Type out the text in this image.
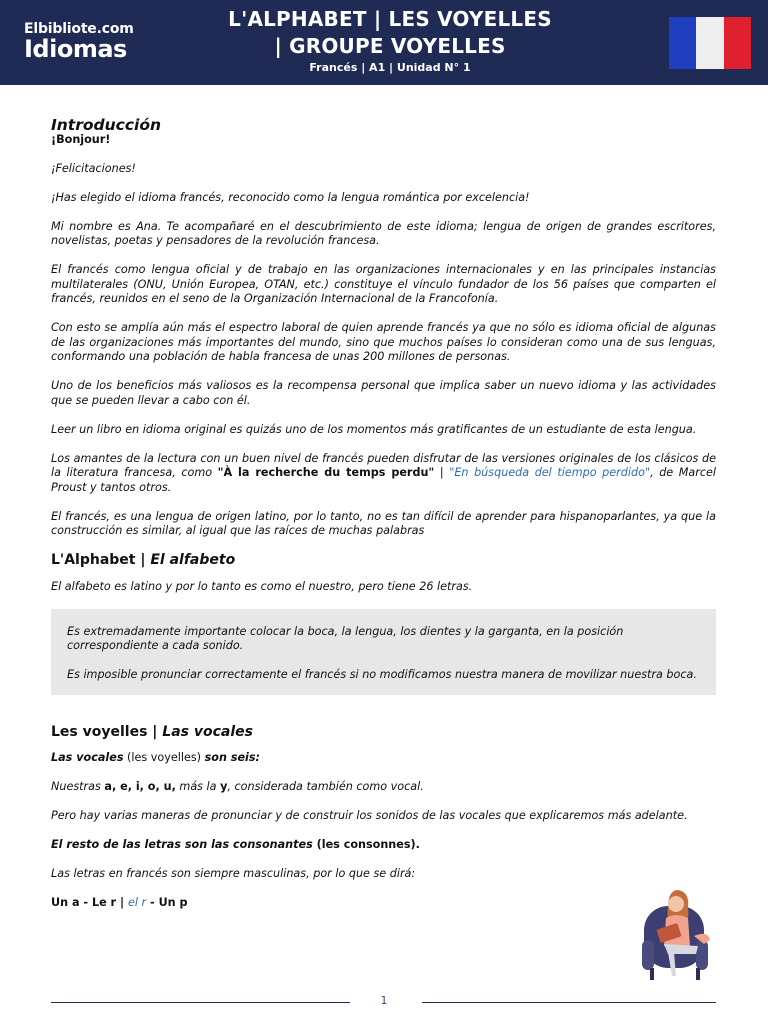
Elbibliote.com
Idiomas
L'ALPHABET | LES VOYELLES
| GROUPE VOYELLES
Francés | A1 | Unidad N° 1

Introducción

¡Bonjour!

¡Felicitaciones!

¡Has elegido el idioma francés, reconocido como la lengua romántica por excelencia!

Mi nombre es Ana. Te acompañaré en el descubrimiento de este idioma; lengua de origen de grandes escritores, novelistas, poetas y pensadores de la revolución francesa.

El francés como lengua oficial y de trabajo en las organizaciones internacionales y en las principales instancias multilaterales (ONU, Unión Europea, OTAN, etc.) constituye el vínculo fundador de los 56 países que comparten el francés, reunidos en el seno de la Organización Internacional de la Francofonía.

Con esto se amplía aún más el espectro laboral de quien aprende francés ya que no sólo es idioma oficial de algunas de las organizaciones más importantes del mundo, sino que muchos países lo consideran como una de sus lenguas, conformando una población de habla francesa de unas 200 millones de personas.

Uno de los beneficios más valiosos es la recompensa personal que implica saber un nuevo idioma y las actividades que se pueden llevar a cabo con él.

Leer un libro en idioma original es quizás uno de los momentos más gratificantes de un estudiante de esta lengua.

Los amantes de la lectura con un buen nivel de francés pueden disfrutar de las versiones originales de los clásicos de la literatura francesa, como "À la recherche du temps perdu" | "En búsqueda del tiempo perdido", de Marcel Proust y tantos otros.

El francés, es una lengua de origen latino, por lo tanto, no es tan difícil de aprender para hispanoparlantes, ya que la construcción es similar, al igual que las raíces de muchas palabras

L'Alphabet | El alfabeto

El alfabeto es latino y por lo tanto es como el nuestro, pero tiene 26 letras.

Es extremadamente importante colocar la boca, la lengua, los dientes y la garganta, en la posición correspondiente a cada sonido.

Es imposible pronunciar correctamente el francés si no modificamos nuestra manera de movilizar nuestra boca.

Les voyelles | Las vocales

Las vocales (les voyelles) son seis:

Nuestras a, e, i, o, u, más la y, considerada también como vocal.

Pero hay varias maneras de pronunciar y de construir los sonidos de las vocales que explicaremos más adelante.

El resto de las letras son las consonantes (les consonnes).

Las letras en francés son siempre masculinas, por lo que se dirá:

Un a - Le r | el r - Un p

1
